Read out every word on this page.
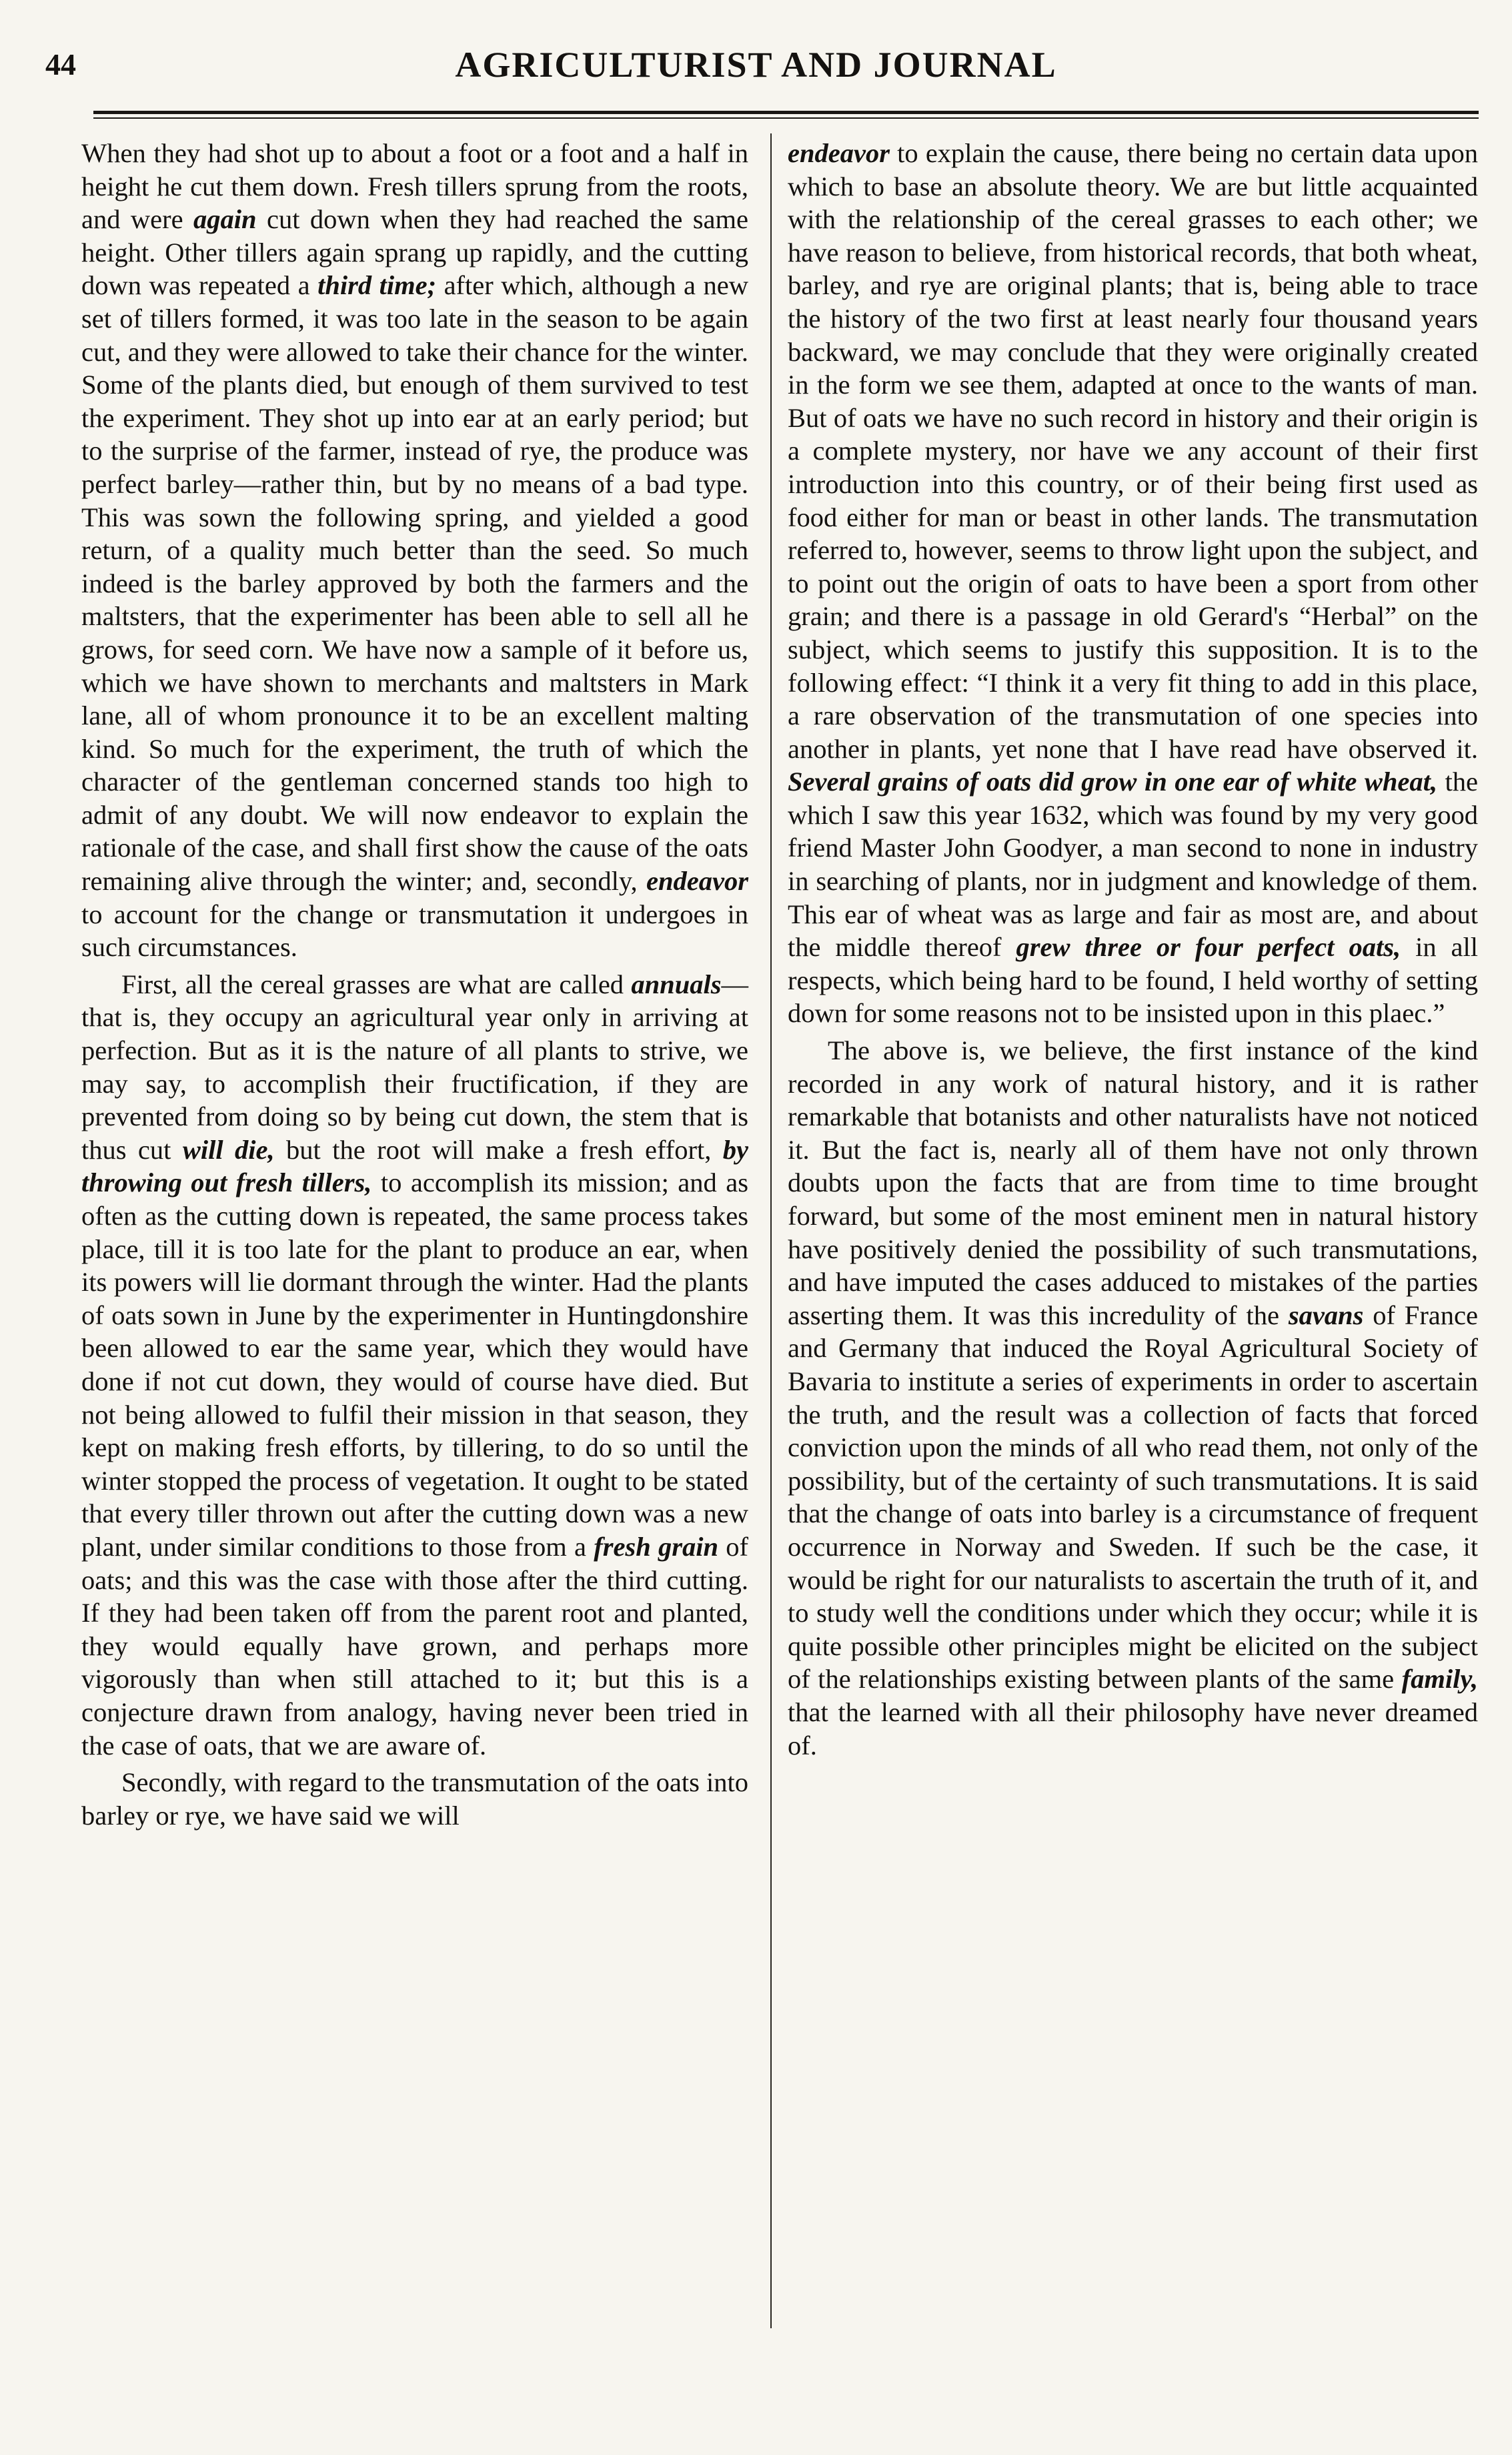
44	AGRICULTURIST AND JOURNAL

When they had shot up to about a foot or a foot and a half in height he cut them down. Fresh tillers sprung from the roots, and were again cut down when they had reached the same height. Other tillers again sprang up rapidly, and the cutting down was repeated a third time; after which, although a new set of tillers formed, it was too late in the season to be again cut, and they were allowed to take their chance for the winter. Some of the plants died, but enough of them survived to test the experiment. They shot up into ear at an early period; but to the surprise of the farmer, instead of rye, the produce was perfect barley—rather thin, but by no means of a bad type. This was sown the following spring, and yielded a good return, of a quality much better than the seed. So much indeed is the barley approved by both the farmers and the maltsters, that the experimenter has been able to sell all he grows, for seed corn. We have now a sample of it before us, which we have shown to merchants and maltsters in Mark lane, all of whom pronounce it to be an excellent malting kind. So much for the experiment, the truth of which the character of the gentleman concerned stands too high to admit of any doubt. We will now endeavor to explain the rationale of the case, and shall first show the cause of the oats remaining alive through the winter; and, secondly, endeavor to account for the change or transmutation it undergoes in such circumstances.

First, all the cereal grasses are what are called annuals—that is, they occupy an agricultural year only in arriving at perfection. But as it is the nature of all plants to strive, we may say, to accomplish their fructification, if they are prevented from doing so by being cut down, the stem that is thus cut will die, but the root will make a fresh effort, by throwing out fresh tillers, to accomplish its mission; and as often as the cutting down is repeated, the same process takes place, till it is too late for the plant to produce an ear, when its powers will lie dormant through the winter. Had the plants of oats sown in June by the experimenter in Huntingdonshire been allowed to ear the same year, which they would have done if not cut down, they would of course have died. But not being allowed to fulfil their mission in that season, they kept on making fresh efforts, by tillering, to do so until the winter stopped the process of vegetation. It ought to be stated that every tiller thrown out after the cutting down was a new plant, under similar conditions to those from a fresh grain of oats; and this was the case with those after the third cutting. If they had been taken off from the parent root and planted, they would equally have grown, and perhaps more vigorously than when still attached to it; but this is a conjecture drawn from analogy, having never been tried in the case of oats, that we are aware of.

Secondly, with regard to the transmutation of the oats into barley or rye, we have said we will

endeavor to explain the cause, there being no certain data upon which to base an absolute theory. We are but little acquainted with the relationship of the cereal grasses to each other; we have reason to believe, from historical records, that both wheat, barley, and rye are original plants; that is, being able to trace the history of the two first at least nearly four thousand years backward, we may conclude that they were originally created in the form we see them, adapted at once to the wants of man. But of oats we have no such record in history and their origin is a complete mystery, nor have we any account of their first introduction into this country, or of their being first used as food either for man or beast in other lands. The transmutation referred to, however, seems to throw light upon the subject, and to point out the origin of oats to have been a sport from other grain; and there is a passage in old Gerard's “Herbal” on the subject, which seems to justify this supposition. It is to the following effect: “I think it a very fit thing to add in this place, a rare observation of the transmutation of one species into another in plants, yet none that I have read have observed it. Several grains of oats did grow in one ear of white wheat, the which I saw this year 1632, which was found by my very good friend Master John Goodyer, a man second to none in industry in searching of plants, nor in judgment and knowledge of them. This ear of wheat was as large and fair as most are, and about the middle thereof grew three or four perfect oats, in all respects, which being hard to be found, I held worthy of setting down for some reasons not to be insisted upon in this plaec.”

The above is, we believe, the first instance of the kind recorded in any work of natural history, and it is rather remarkable that botanists and other naturalists have not noticed it. But the fact is, nearly all of them have not only thrown doubts upon the facts that are from time to time brought forward, but some of the most eminent men in natural history have positively denied the possibility of such transmutations, and have imputed the cases adduced to mistakes of the parties asserting them. It was this incredulity of the savans of France and Germany that induced the Royal Agricultural Society of Bavaria to institute a series of experiments in order to ascertain the truth, and the result was a collection of facts that forced conviction upon the minds of all who read them, not only of the possibility, but of the certainty of such transmutations. It is said that the change of oats into barley is a circumstance of frequent occurrence in Norway and Sweden. If such be the case, it would be right for our naturalists to ascertain the truth of it, and to study well the conditions under which they occur; while it is quite possible other principles might be elicited on the subject of the relationships existing between plants of the same family, that the learned with all their philosophy have never dreamed of.
